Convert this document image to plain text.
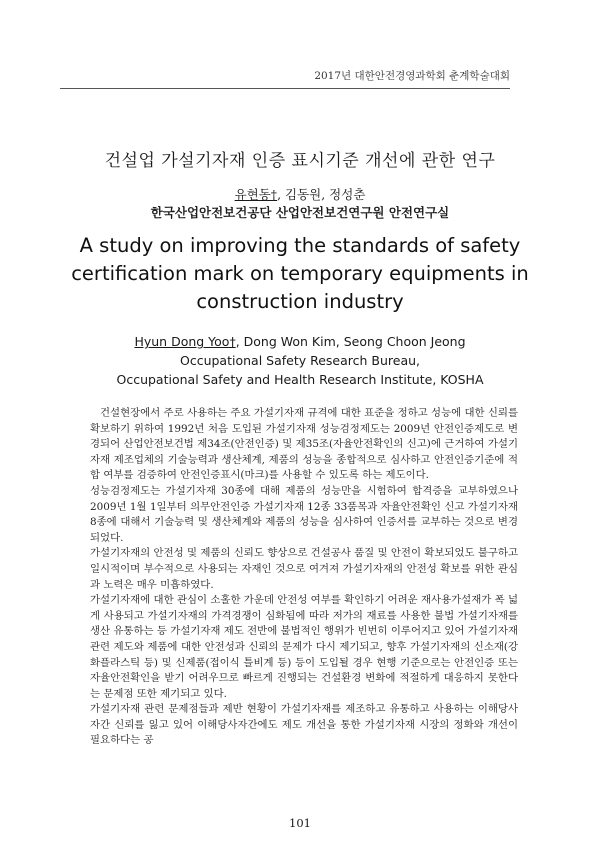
2017년 대한안전경영과학회 춘계학술대회
건설업 가설기자재 인증 표시기준 개선에 관한 연구
유현동†, 김동원, 정성춘
한국산업안전보건공단 산업안전보건연구원 안전연구실
A study on improving the standards of safety
certification mark on temporary equipments in
construction industry
Hyun Dong Yoo†, Dong Won Kim, Seong Choon Jeong
Occupational Safety Research Bureau,
Occupational Safety and Health Research Institute, KOSHA

건설현장에서 주로 사용하는 주요 가설기자재 규격에 대한 표준을 정하고 성능에 대한 신뢰를 확보하기 위하여 1992년 처음 도입된 가설기자재 성능검정제도는 2009년 안전인증제도로 변경되어 산업안전보건법 제34조(안전인증) 및 제35조(자율안전확인의 신고)에 근거하여 가설기자재 제조업체의 기술능력과 생산체계, 제품의 성능을 종합적으로 심사하고 안전인증기준에 적합 여부를 검증하여 안전인증표시(마크)를 사용할 수 있도록 하는 제도이다.

성능검정제도는 가설기자재 30종에 대해 제품의 성능만을 시험하여 합격증을 교부하였으나 2009년 1월 1일부터 의무안전인증 가설기자재 12종 33품목과 자율안전확인 신고 가설기자재 8종에 대해서 기술능력 및 생산체계와 제품의 성능을 심사하여 인증서를 교부하는 것으로 변경되었다.

가설기자재의 안전성 및 제품의 신뢰도 향상으로 건설공사 품질 및 안전이 확보되었도 불구하고 일시적이며 부수적으로 사용되는 자재인 것으로 여겨져 가설기자재의 안전성 확보를 위한 관심과 노력은 매우 미흡하였다.

가설기자재에 대한 관심이 소홀한 가운데 안전성 여부를 확인하기 어려운 재사용가설재가 폭 넓게 사용되고 가설기자재의 가격경쟁이 심화됨에 따라 저가의 재료를 사용한 불법 가설기자재를 생산 유통하는 등 가설기자재 제도 전반에 불법적인 행위가 빈번히 이루어지고 있어 가설기자재 관련 제도와 제품에 대한 안전성과 신뢰의 문제가 다시 제기되고, 향후 가설기자재의 신소재(강화플라스틱 등) 및 신제품(접이식 틀비계 등) 등이 도입될 경우 현행 기준으로는 안전인증 또는 자율안전확인을 받기 어려우므로 빠르게 진행되는 건설환경 변화에 적절하게 대응하지 못한다는 문제점 또한 제기되고 있다.

가설기자재 관련 문제점들과 제반 현황이 가설기자재를 제조하고 유통하고 사용하는 이해당사자간 신뢰를 잃고 있어 이해당사자간에도 제도 개선을 통한 가설기자재 시장의 정화와 개선이 필요하다는 공

101
